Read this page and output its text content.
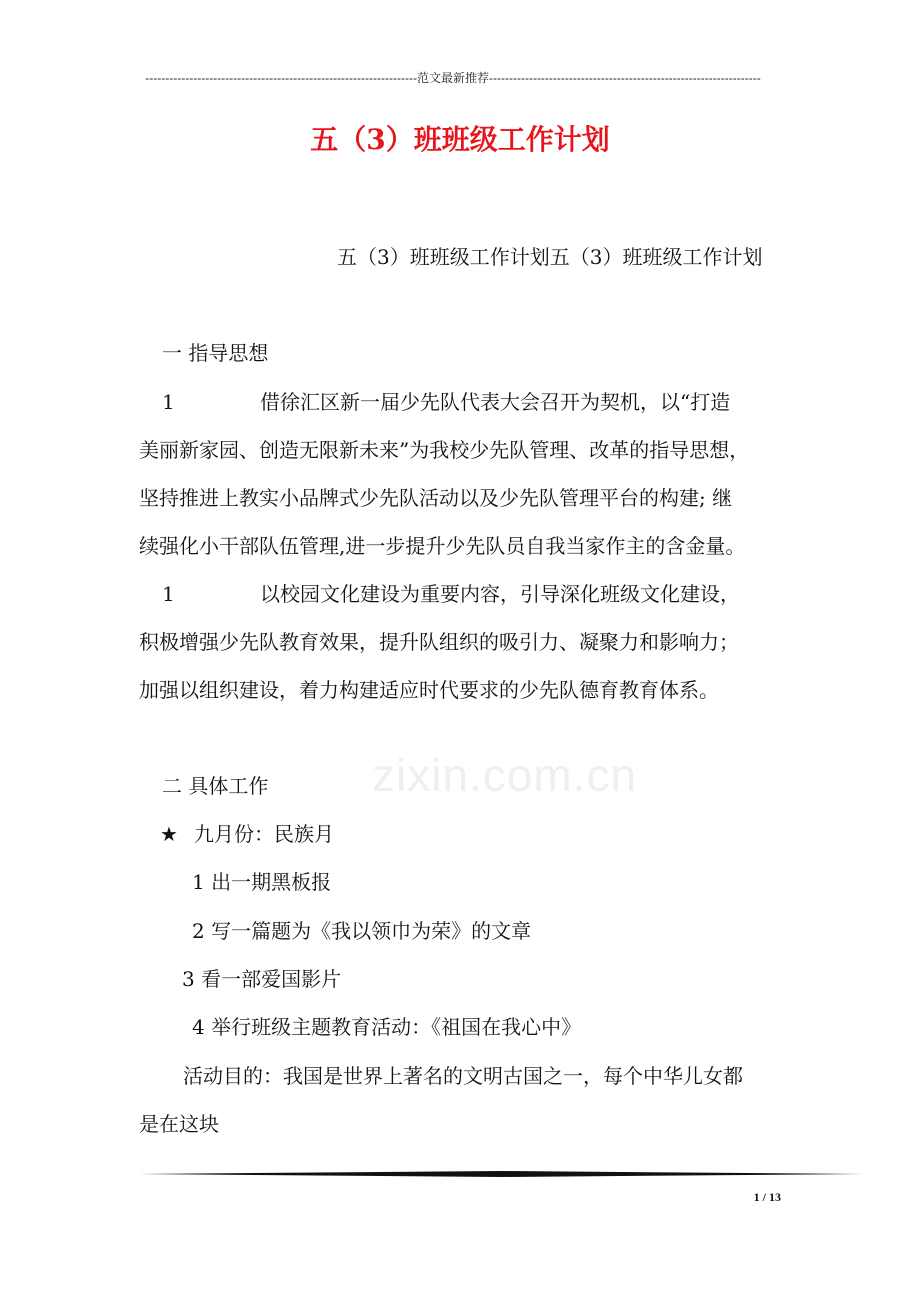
--------------------------------------------------------------------范文最新推荐--------------------------------------------------------------------
五（3）班班级工作计划
zixin.com.cn
五（3）班班级工作计划五（3）班班级工作计划
一 指导思想
1	借徐汇区新一届少先队代表大会召开为契机，以“打造
美丽新家园、创造无限新未来”为我校少先队管理、改革的指导思想，
坚持推进上教实小品牌式少先队活动以及少先队管理平台的构建; 继
续强化小干部队伍管理,进一步提升少先队员自我当家作主的含金量。
1	以校园文化建设为重要内容，引导深化班级文化建设，
积极增强少先队教育效果，提升队组织的吸引力、凝聚力和影响力；
加强以组织建设，着力构建适应时代要求的少先队德育教育体系。
二 具体工作
★ 九月份：民族月
1 出一期黑板报
2 写一篇题为《我以领巾为荣》的文章
3 看一部爱国影片
4 举行班级主题教育活动：《祖国在我心中》
活动目的：我国是世界上著名的文明古国之一，每个中华儿女都
是在这块
1 / 13
